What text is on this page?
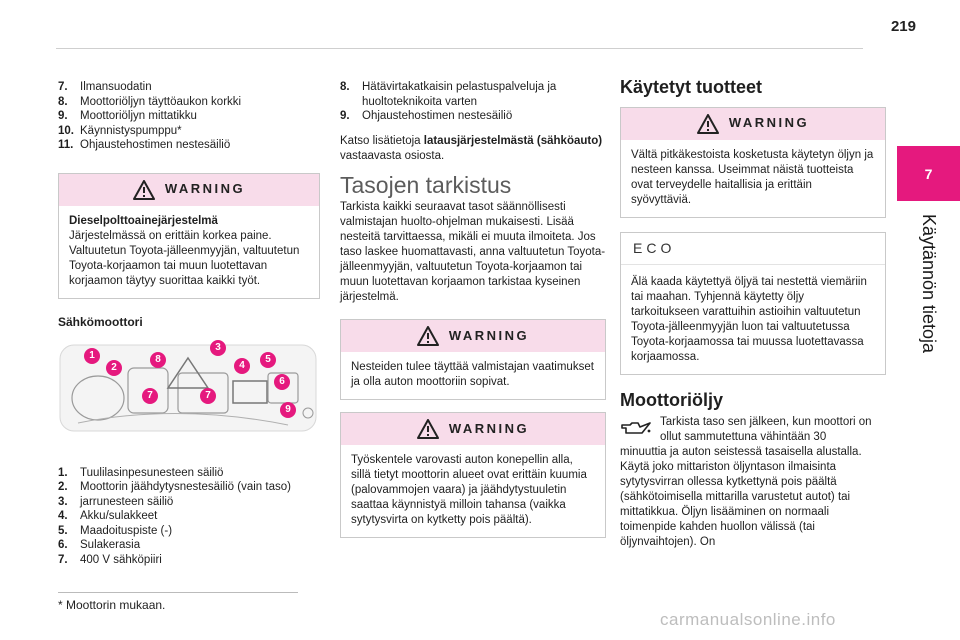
219
7
Käytännön tietoja
7.	Ilmansuodatin
8.	Moottoriöljyn täyttöaukon korkki
9.	Moottoriöljyn mittatikku
10. Käynnistyspumppu*
11. Ohjaustehostimen nestesäiliö
WARNING
Dieselpolttoainejärjestelmä
Järjestelmässä on erittäin korkea paine. Valtuutetun Toyota-jälleenmyyjän, valtuutetun Toyota-korjaamon tai muun luotettavan korjaamon täytyy suorittaa kaikki työt.
Sähkömoottori
1
2
8
3
4
5
6
7	7
9
1.	Tuulilasinpesunesteen säiliö
2.	Moottorin jäähdytysnestesäiliö (vain taso)
3.	jarrunesteen säiliö
4.	Akku/sulakkeet
5.	Maadoituspiste (-)
6.	Sulakerasia
7.	400 V sähköpiiri
8.	Hätävirtakatkaisin pelastuspalveluja ja huoltoteknikoita varten
9.	Ohjaustehostimen nestesäiliö
Katso lisätietoja latausjärjestelmästä (sähköauto) vastaavasta osiosta.
Tasojen tarkistus
Tarkista kaikki seuraavat tasot säännöllisesti valmistajan huolto-ohjelman mukaisesti. Lisää nesteitä tarvittaessa, mikäli ei muuta ilmoiteta. Jos taso laskee huomattavasti, anna valtuutetun Toyota-jälleenmyyjän, valtuutetun Toyota-korjaamon tai muun luotettavan korjaamon tarkistaa kyseinen järjestelmä.
WARNING
Nesteiden tulee täyttää valmistajan vaatimukset ja olla auton moottoriin sopivat.
WARNING
Työskentele varovasti auton konepellin alla, sillä tietyt moottorin alueet ovat erittäin kuumia (palovammojen vaara) ja jäähdytystuuletin saattaa käynnistyä milloin tahansa (vaikka sytytysvirta on kytketty pois päältä).
Käytetyt tuotteet
WARNING
Vältä pitkäkestoista kosketusta käytetyn öljyn ja nesteen kanssa. Useimmat näistä tuotteista ovat terveydelle haitallisia ja erittäin syövyttäviä.
ECO
Älä kaada käytettyä öljyä tai nestettä viemäriin tai maahan. Tyhjennä käytetty öljy tarkoitukseen varattuihin astioihin valtuutetun Toyota-jälleenmyyjän luon tai valtuutetussa Toyota-korjaamossa tai muussa luotettavassa korjaamossa.
Moottoriöljy
Tarkista taso sen jälkeen, kun moottori on ollut sammutettuna vähintään 30
minuuttia ja auton seistessä tasaisella alustalla. Käytä joko mittariston öljyntason ilmaisinta sytytysvirran ollessa kytkettynä pois päältä (sähkötoimisella mittarilla varustetut autot) tai mittatikkua. Öljyn lisääminen on normaali toimenpide kahden huollon välissä (tai öljynvaihtojen). On
* Moottorin mukaan.
carmanualsonline.info
